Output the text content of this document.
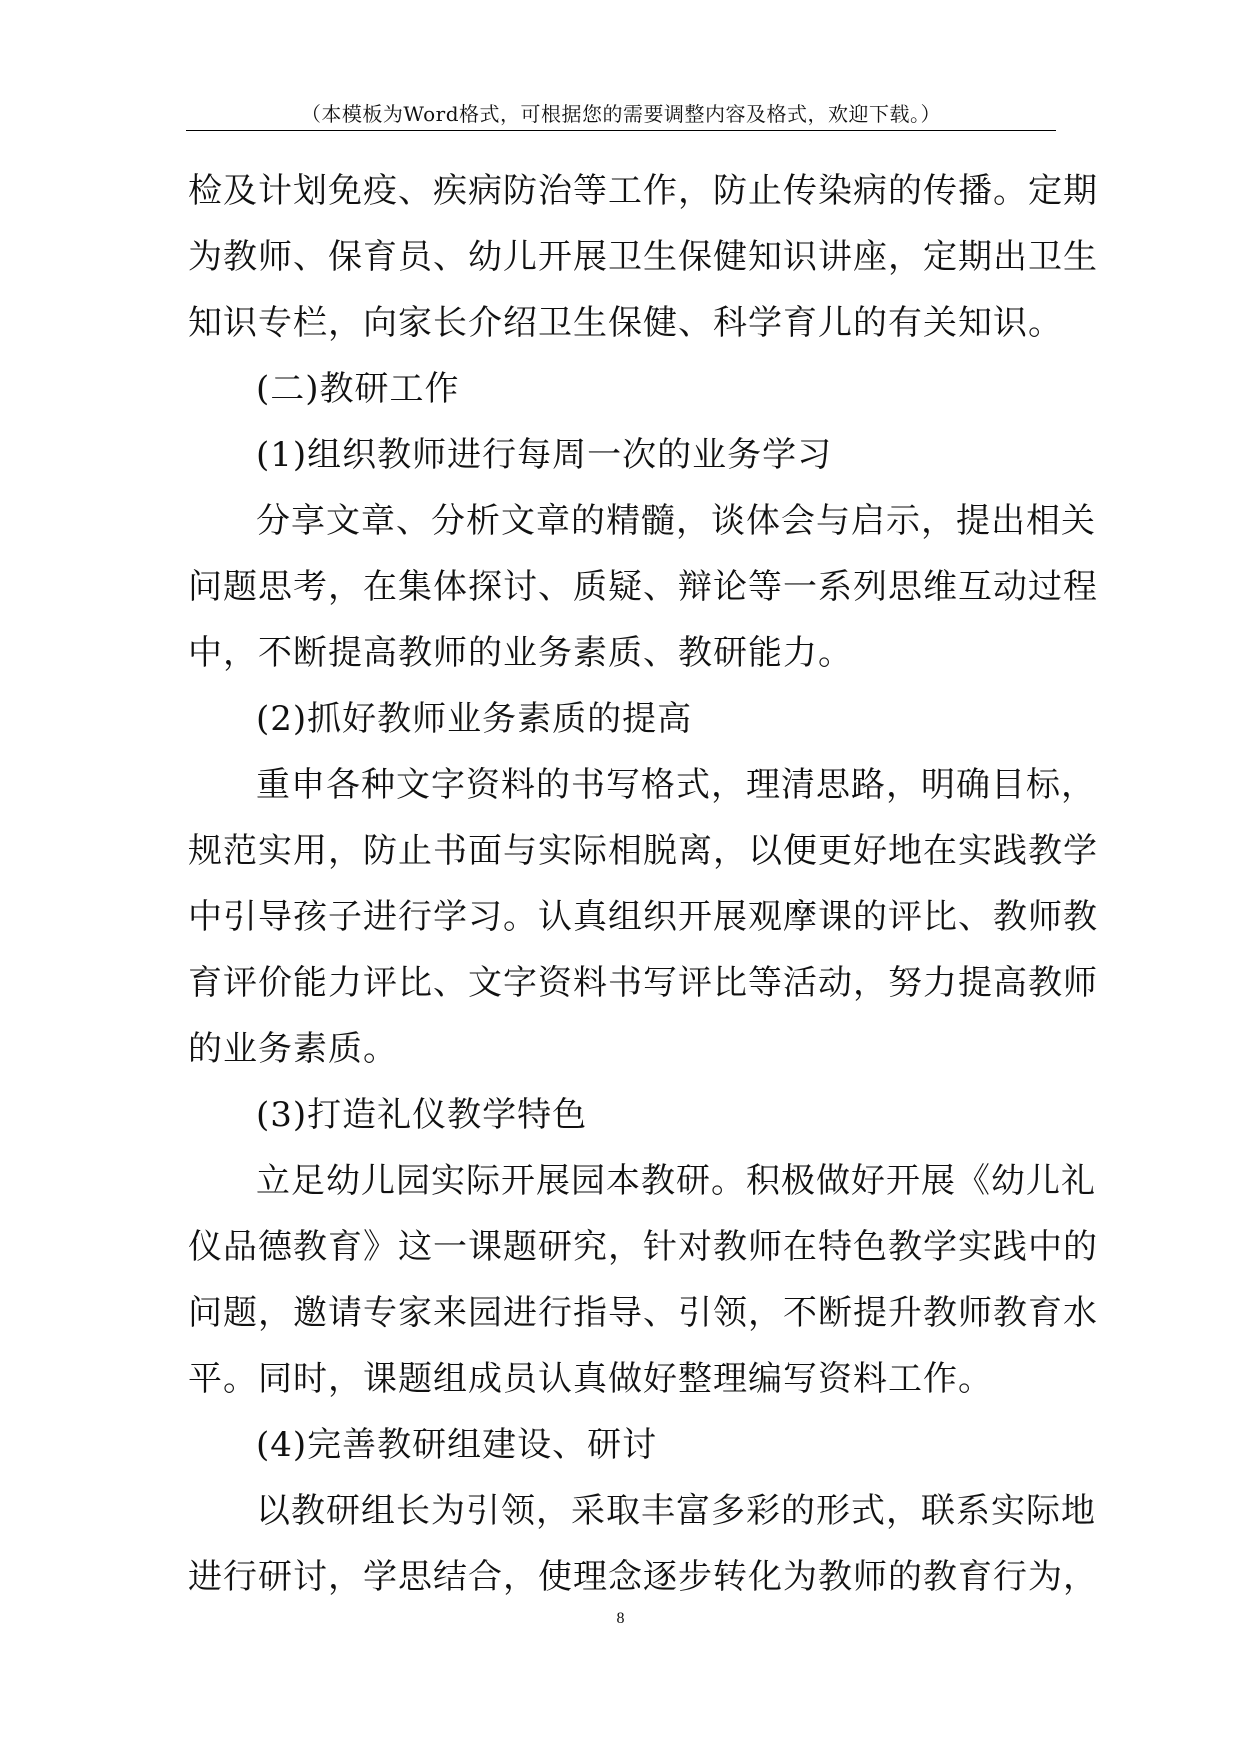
（本模板为Word格式，可根据您的需要调整内容及格式，欢迎下载。）
检及计划免疫、疾病防治等工作，防止传染病的传播。定期
为教师、保育员、幼儿开展卫生保健知识讲座，定期出卫生
知识专栏，向家长介绍卫生保健、科学育儿的有关知识。
(二)教研工作
(1)组织教师进行每周一次的业务学习
分享文章、分析文章的精髓，谈体会与启示，提出相关
问题思考，在集体探讨、质疑、辩论等一系列思维互动过程
中，不断提高教师的业务素质、教研能力。
(2)抓好教师业务素质的提高
重申各种文字资料的书写格式，理清思路，明确目标，
规范实用，防止书面与实际相脱离，以便更好地在实践教学
中引导孩子进行学习。认真组织开展观摩课的评比、教师教
育评价能力评比、文字资料书写评比等活动，努力提高教师
的业务素质。
(3)打造礼仪教学特色
立足幼儿园实际开展园本教研。积极做好开展《幼儿礼
仪品德教育》这一课题研究，针对教师在特色教学实践中的
问题，邀请专家来园进行指导、引领，不断提升教师教育水
平。同时，课题组成员认真做好整理编写资料工作。
(4)完善教研组建设、研讨
以教研组长为引领，采取丰富多彩的形式，联系实际地
进行研讨，学思结合，使理念逐步转化为教师的教育行为，
8
